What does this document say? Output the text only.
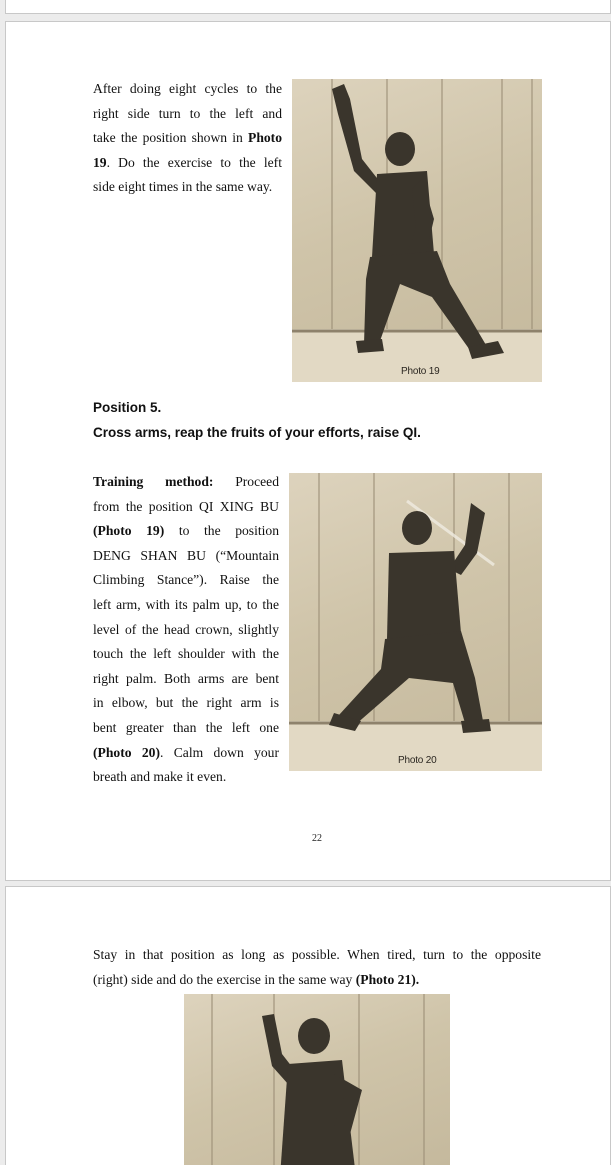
After doing eight cycles to the

right side turn to the left and

take the position shown in Photo

19. Do the exercise to the left

side eight times in the same way.

Photo 19
Position 5.
Cross arms, reap the fruits of your efforts, raise QI.

Training method: Proceed

from the position QI XING BU

(Photo 19) to the position

DENG SHAN BU (“Mountain

Climbing Stance”). Raise the

left arm, with its palm up, to the

level of the head crown, slightly

touch the left shoulder with the

right palm. Both arms are bent

in elbow, but the right arm is

bent greater than the left one

(Photo 20). Calm down your

breath and make it even.

Photo 20
22

Stay in that position as long as possible. When tired, turn to the opposite

(right) side and do the exercise in the same way (Photo 21).
